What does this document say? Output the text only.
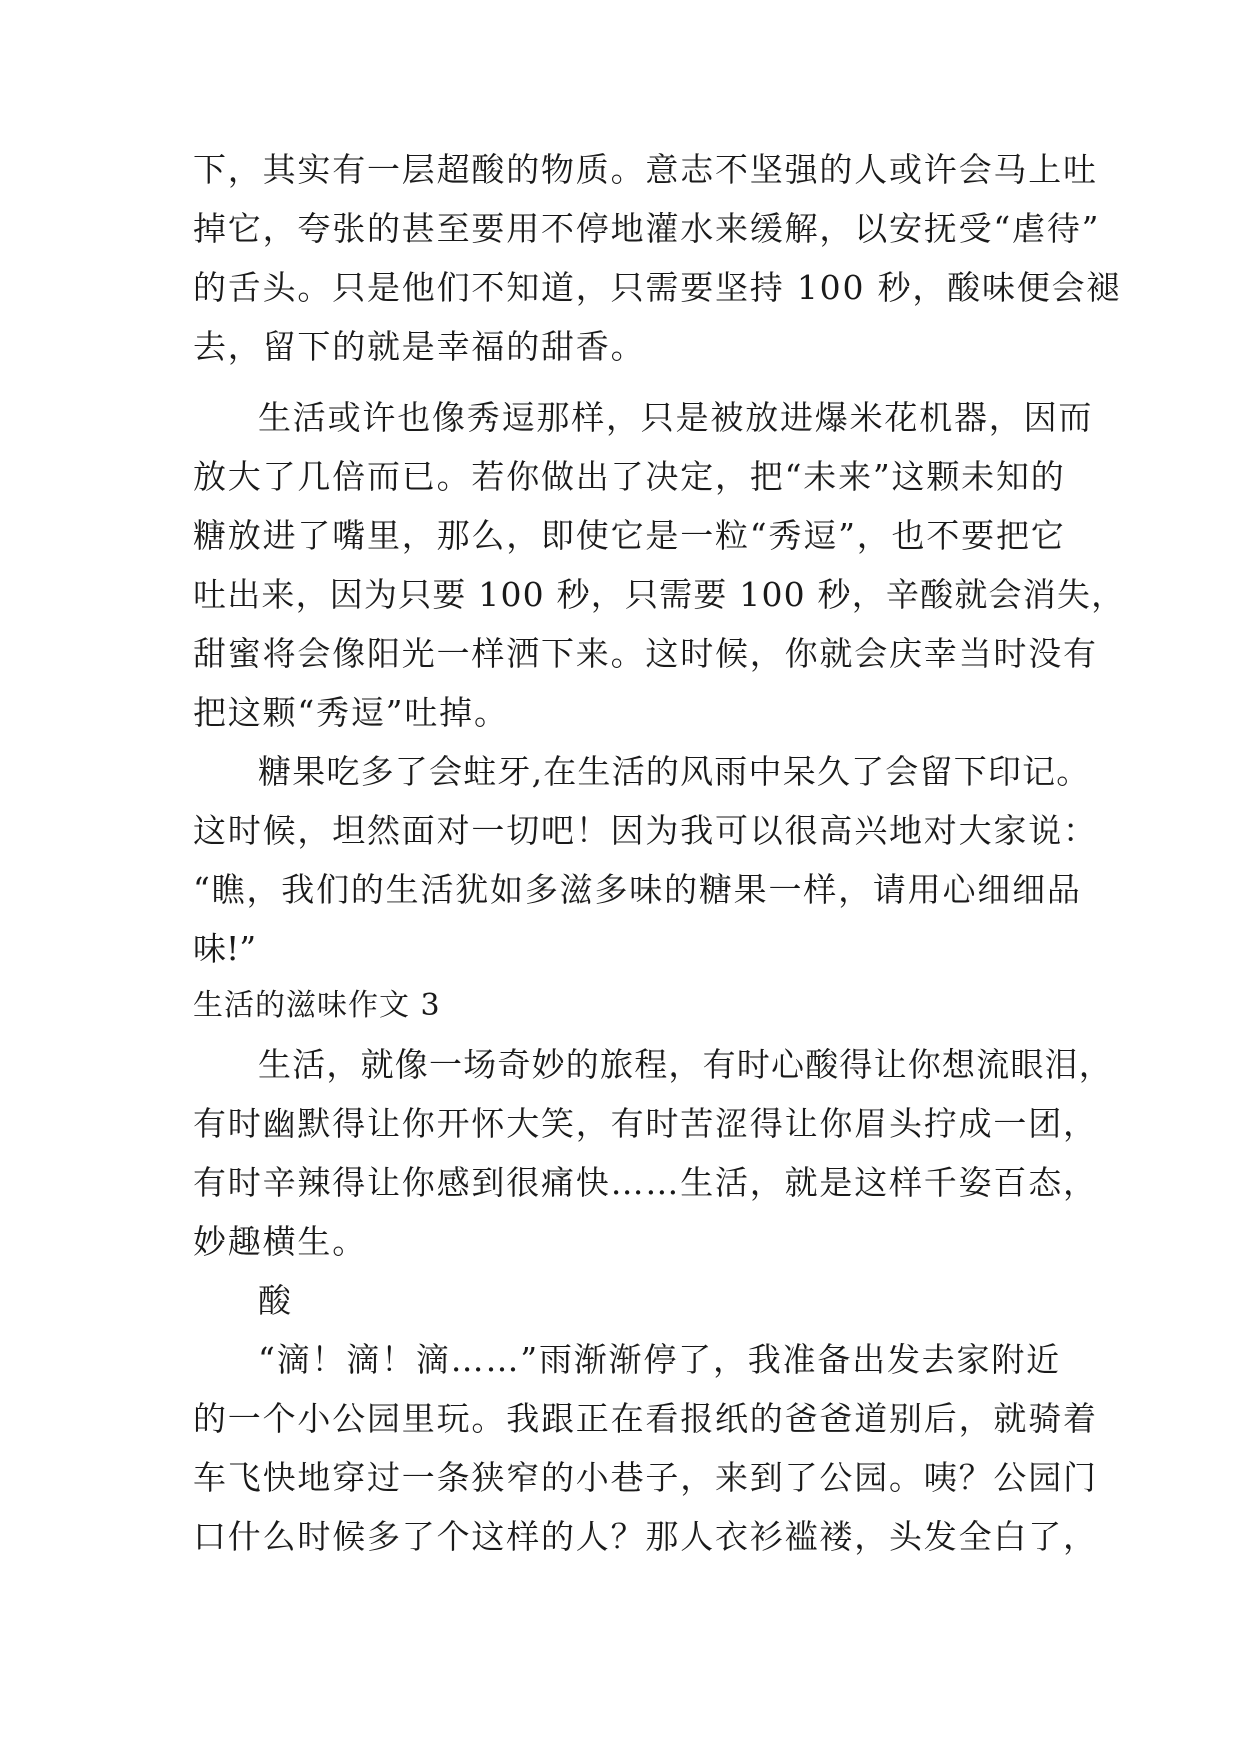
下，其实有一层超酸的物质。意志不坚强的人或许会马上吐
掉它，夸张的甚至要用不停地灌水来缓解，以安抚受“虐待”
的舌头。只是他们不知道，只需要坚持 100 秒，酸味便会褪
去，留下的就是幸福的甜香。
生活或许也像秀逗那样，只是被放进爆米花机器，因而
放大了几倍而已。若你做出了决定，把“未来”这颗未知的
糖放进了嘴里，那么，即使它是一粒“秀逗”，也不要把它
吐出来，因为只要 100 秒，只需要 100 秒，辛酸就会消失，
甜蜜将会像阳光一样洒下来。这时候，你就会庆幸当时没有
把这颗“秀逗”吐掉。
糖果吃多了会蛀牙,在生活的风雨中呆久了会留下印记。
这时候，坦然面对一切吧！因为我可以很高兴地对大家说：
“瞧，我们的生活犹如多滋多味的糖果一样，请用心细细品
味!”
生活的滋味作文 3
生活，就像一场奇妙的旅程，有时心酸得让你想流眼泪，
有时幽默得让你开怀大笑，有时苦涩得让你眉头拧成一团，
有时辛辣得让你感到很痛快……生活，就是这样千姿百态，
妙趣横生。
酸
“滴！滴！滴……”雨渐渐停了，我准备出发去家附近
的一个小公园里玩。我跟正在看报纸的爸爸道别后，就骑着
车飞快地穿过一条狭窄的小巷子，来到了公园。咦？公园门
口什么时候多了个这样的人？那人衣衫褴褛，头发全白了，
